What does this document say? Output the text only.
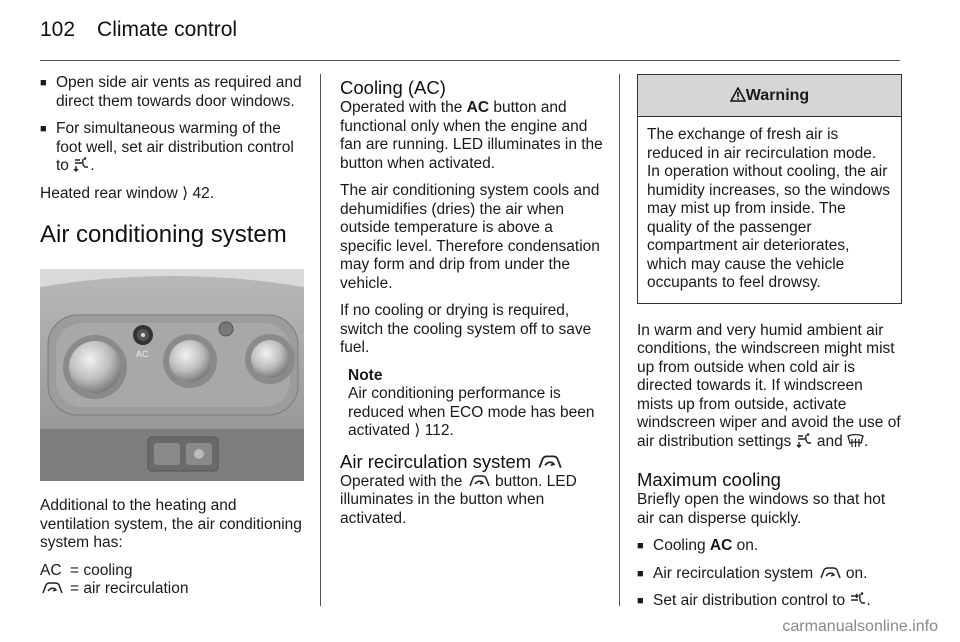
102 Climate control
■ Open side air vents as required and direct them towards door windows.
■ For simultaneous warming of the foot well, set air distribution control to .

Heated rear window ⟩ 42.

Air conditioning system
AC

Additional to the heating and ventilation system, the air conditioning system has:

AC = cooling
= air recirculation
Cooling (AC)

Operated with the AC button and functional only when the engine and fan are running. LED illuminates in the button when activated.

The air conditioning system cools and dehumidifies (dries) the air when outside temperature is above a specific level. Therefore condensation may form and drip from under the vehicle.

If no cooling or drying is required, switch the cooling system off to save fuel.

Note
Air conditioning performance is reduced when ECO mode has been activated ⟩ 112.
Air recirculation system

Operated with the  button. LED illuminates in the button when activated.

Warning
The exchange of fresh air is reduced in air recirculation mode. In operation without cooling, the air humidity increases, so the windows may mist up from inside. The quality of the passenger compartment air deteriorates, which may cause the vehicle occupants to feel drowsy.

In warm and very humid ambient air conditions, the windscreen might mist up from outside when cold air is directed towards it. If windscreen mists up from outside, activate windscreen wiper and avoid the use of air distribution settings  and .

Maximum cooling

Briefly open the windows so that hot air can disperse quickly.

■ Cooling AC on.
■ Air recirculation system  on.
■ Set air distribution control to .
carmanualsonline.info
